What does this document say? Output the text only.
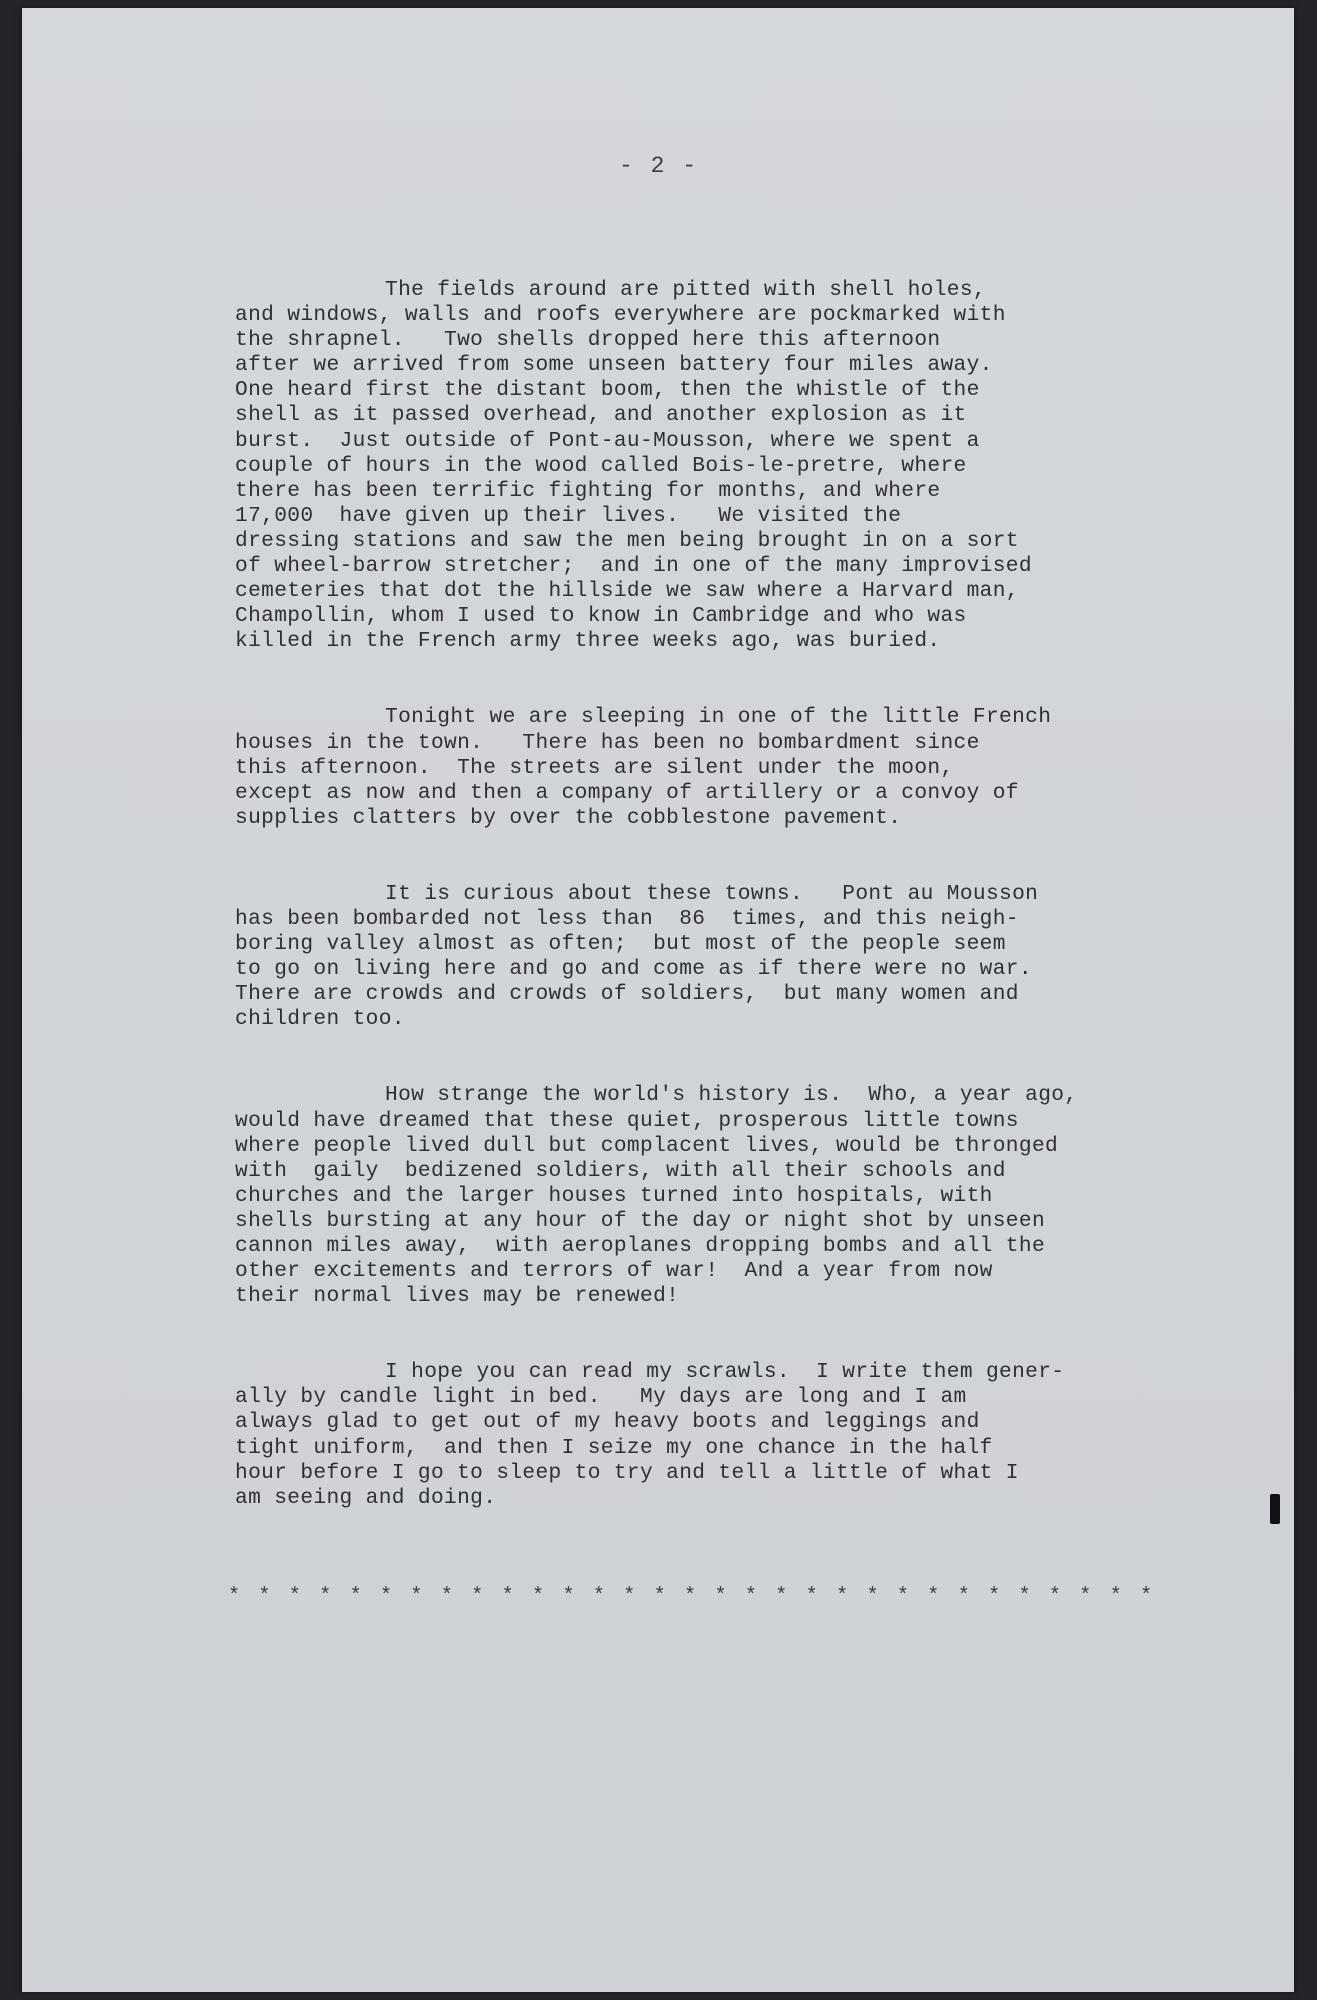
- 2 -

The fields around are pitted with shell holes,
and windows, walls and roofs everywhere are pockmarked with
the shrapnel.   Two shells dropped here this afternoon
after we arrived from some unseen battery four miles away.
One heard first the distant boom, then the whistle of the
shell as it passed overhead, and another explosion as it
burst.  Just outside of Pont-au-Mousson, where we spent a
couple of hours in the wood called Bois-le-pretre, where
there has been terrific fighting for months, and where
17,000  have given up their lives.   We visited the
dressing stations and saw the men being brought in on a sort
of wheel-barrow stretcher;  and in one of the many improvised
cemeteries that dot the hillside we saw where a Harvard man,
Champollin, whom I used to know in Cambridge and who was
killed in the French army three weeks ago, was buried.

Tonight we are sleeping in one of the little French
houses in the town.   There has been no bombardment since
this afternoon.  The streets are silent under the moon,
except as now and then a company of artillery or a convoy of
supplies clatters by over the cobblestone pavement.

It is curious about these towns.   Pont au Mousson
has been bombarded not less than  86  times, and this neigh-
boring valley almost as often;  but most of the people seem
to go on living here and go and come as if there were no war.
There are crowds and crowds of soldiers,  but many women and
children too.

How strange the world's history is.  Who, a year ago,
would have dreamed that these quiet, prosperous little towns
where people lived dull but complacent lives, would be thronged
with  gaily  bedizened soldiers, with all their schools and
churches and the larger houses turned into hospitals, with
shells bursting at any hour of the day or night shot by unseen
cannon miles away,  with aeroplanes dropping bombs and all the
other excitements and terrors of war!  And a year from now
their normal lives may be renewed!

I hope you can read my scrawls.  I write them gener-
ally by candle light in bed.   My days are long and I am
always glad to get out of my heavy boots and leggings and
tight uniform,  and then I seize my one chance in the half
hour before I go to sleep to try and tell a little of what I
am seeing and doing.

* * * * * * * * * * * * * * * * * * * * * * * * * * * * * * *
